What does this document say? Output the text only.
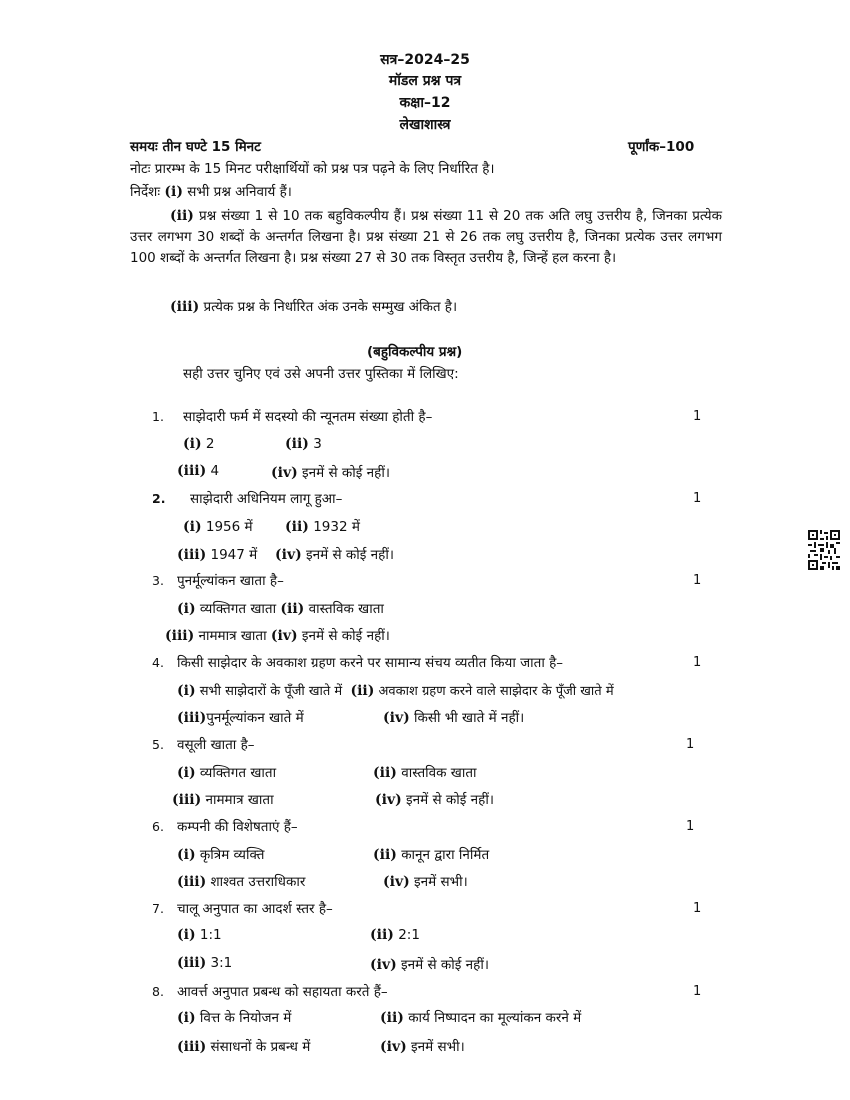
सत्र–2024–25
मॉडल प्रश्न पत्र
कक्षा–12
लेखाशास्त्र
समयः तीन घण्टे 15 मिनट	पूर्णांक–100
नोटः प्रारम्भ के 15 मिनट परीक्षार्थियों को प्रश्न पत्र पढ़ने के लिए निर्धारित है।
निर्देशः (i) सभी प्रश्न अनिवार्य हैं।
(ii) प्रश्न संख्या 1 से 10 तक बहुविकल्पीय हैं। प्रश्न संख्या 11 से 20 तक अति लघु उत्तरीय है, जिनका प्रत्येक उत्तर लगभग 30 शब्दों के अन्तर्गत लिखना है। प्रश्न संख्या 21 से 26 तक लघु उत्तरीय है, जिनका प्रत्येक उत्तर लगभग 100 शब्दों के अन्तर्गत लिखना है। प्रश्न संख्या 27 से 30 तक विस्तृत उत्तरीय है, जिन्हें हल करना है।
(iii) प्रत्येक प्रश्न के निर्धारित अंक उनके सम्मुख अंकित है।
(बहुविकल्पीय प्रश्न)
सही उत्तर चुनिए एवं उसे अपनी उत्तर पुस्तिका में लिखिए:
1. साझेदारी फर्म में सदस्यो की न्यूनतम संख्या होती है–	1
(i) 2	(ii) 3
(iii) 4	(iv) इनमें से कोई नहीं।
2. साझेदारी अधिनियम लागू हुआ–	1
(i) 1956 में (ii) 1932 में
(iii) 1947 में (iv) इनमें से कोई नहीं।
3. पुनर्मूल्यांकन खाता है–	1
(i) व्यक्तिगत खाता (ii) वास्तविक खाता
(iii) नाममात्र खाता (iv) इनमें से कोई नहीं।
4. किसी साझेदार के अवकाश ग्रहण करने पर सामान्य संचय व्यतीत किया जाता है–	1
(i) सभी साझेदारों के पूँजी खाते में (ii) अवकाश ग्रहण करने वाले साझेदार के पूँजी खाते में
(iii)पुनर्मूल्यांकन खाते में	(iv) किसी भी खाते में नहीं।
5. वसूली खाता है–	1
(i) व्यक्तिगत खाता	(ii) वास्तविक खाता
(iii) नाममात्र खाता	(iv) इनमें से कोई नहीं।
6. कम्पनी की विशेषताएं हैं–	1
(i) कृत्रिम व्यक्ति	(ii) कानून द्वारा निर्मित
(iii) शाश्वत उत्तराधिकार	(iv) इनमें सभी।
7. चालू अनुपात का आदर्श स्तर है–	1
(i) 1:1	(ii) 2:1
(iii) 3:1	(iv) इनमें से कोई नहीं।
8. आवर्त्त अनुपात प्रबन्ध को सहायता करते हैं–	1
(i) वित्त के नियोजन में	(ii) कार्य निष्पादन का मूल्यांकन करने में
(iii) संसाधनों के प्रबन्ध में	(iv) इनमें सभी।
